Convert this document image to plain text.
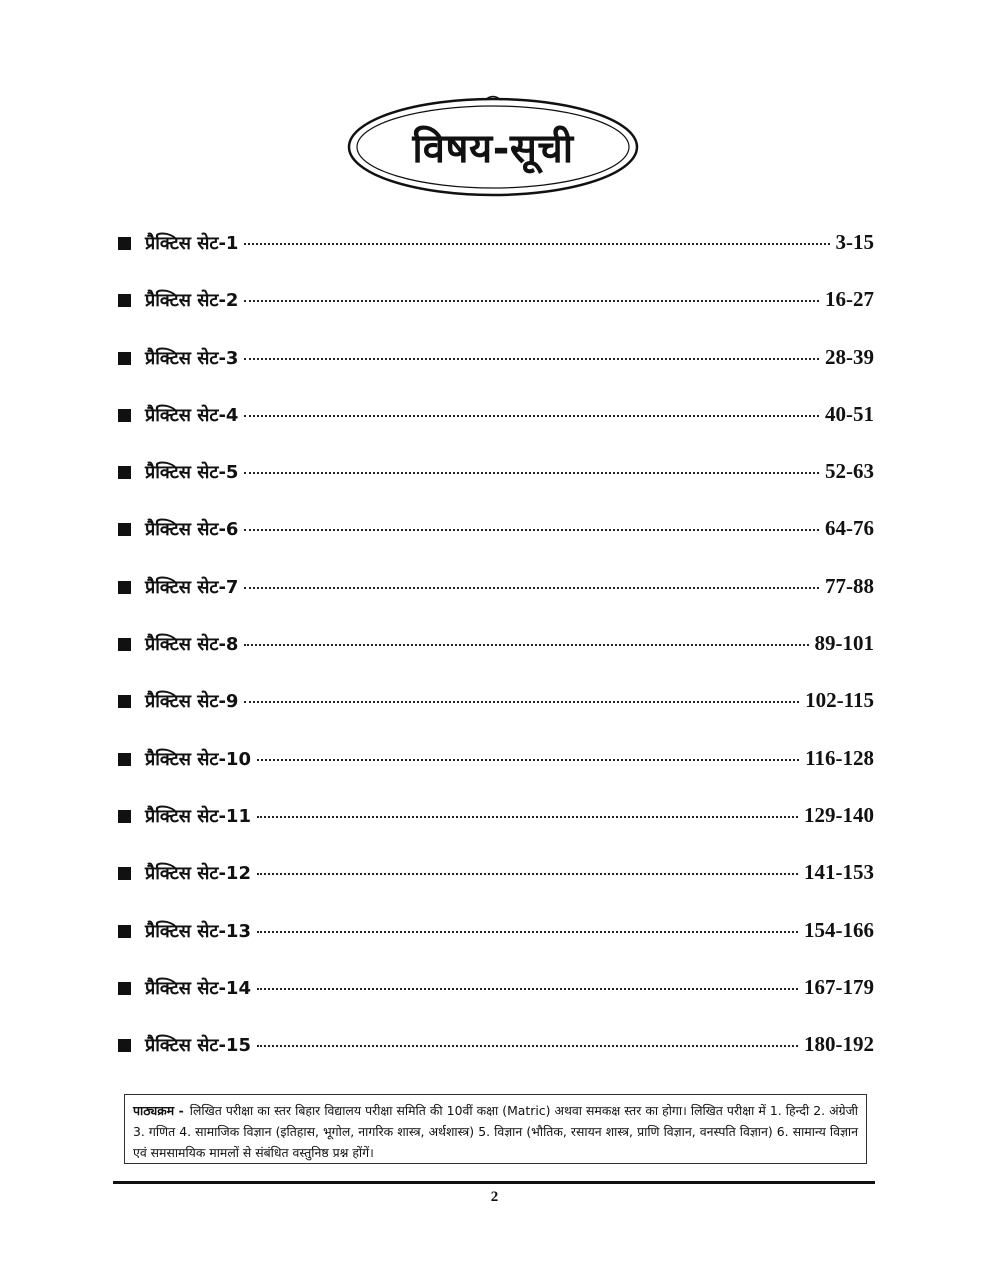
विषय-सूची
प्रैक्टिस सेट-1	3-15
प्रैक्टिस सेट-2	16-27
प्रैक्टिस सेट-3	28-39
प्रैक्टिस सेट-4	40-51
प्रैक्टिस सेट-5	52-63
प्रैक्टिस सेट-6	64-76
प्रैक्टिस सेट-7	77-88
प्रैक्टिस सेट-8	89-101
प्रैक्टिस सेट-9	102-115
प्रैक्टिस सेट-10	116-128
प्रैक्टिस सेट-11	129-140
प्रैक्टिस सेट-12	141-153
प्रैक्टिस सेट-13	154-166
प्रैक्टिस सेट-14	167-179
प्रैक्टिस सेट-15	180-192
पाठ्यक्रम - लिखित परीक्षा का स्तर बिहार विद्यालय परीक्षा समिति की 10वीं कक्षा (Matric) अथवा समकक्ष स्तर का होगा। लिखित परीक्षा में 1. हिन्दी 2. अंग्रेजी 3. गणित 4. सामाजिक विज्ञान (इतिहास, भूगोल, नागरिक शास्त्र, अर्थशास्त्र) 5. विज्ञान (भौतिक, रसायन शास्त्र, प्राणि विज्ञान, वनस्पति विज्ञान) 6. सामान्य विज्ञान एवं समसामयिक मामलों से संबंधित वस्तुनिष्ठ प्रश्न होंगें।
2
